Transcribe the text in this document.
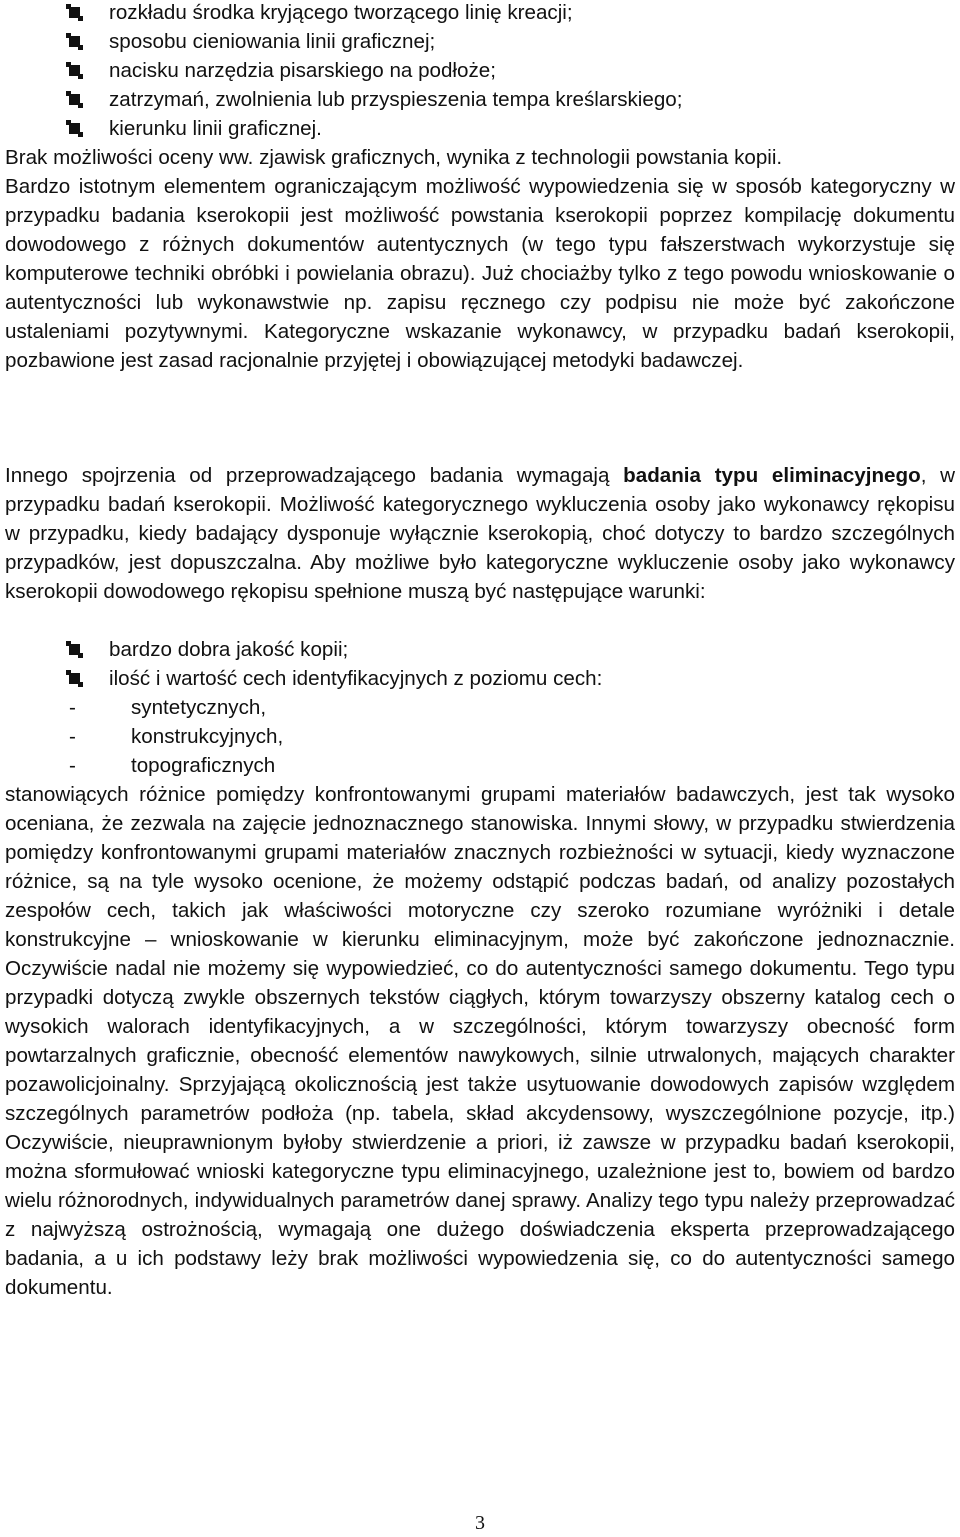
rozkładu środka kryjącego tworzącego linię kreacji;
sposobu cieniowania linii graficznej;
nacisku narzędzia pisarskiego na podłoże;
zatrzymań, zwolnienia lub przyspieszenia tempa kreślarskiego;
kierunku linii graficznej.
Brak możliwości oceny ww. zjawisk graficznych, wynika z technologii powstania kopii.

Bardzo istotnym elementem ograniczającym możliwość wypowiedzenia się w sposób kategoryczny w przypadku badania kserokopii jest możliwość powstania kserokopii poprzez kompilację dokumentu dowodowego z różnych dokumentów autentycznych (w tego typu fałszerstwach wykorzystuje się komputerowe techniki obróbki i powielania obrazu). Już chociażby tylko z tego powodu wnioskowanie o autentyczności lub wykonawstwie np. zapisu ręcznego czy podpisu nie może być zakończone ustaleniami pozytywnymi. Kategoryczne wskazanie wykonawcy, w przypadku badań kserokopii, pozbawione jest zasad racjonalnie przyjętej i obowiązującej metodyki badawczej.

Innego spojrzenia od przeprowadzającego badania wymagają badania typu eliminacyjnego, w przypadku badań kserokopii. Możliwość kategorycznego wykluczenia osoby jako wykonawcy rękopisu w przypadku, kiedy badający dysponuje wyłącznie kserokopią, choć dotyczy to bardzo szczególnych przypadków, jest dopuszczalna. Aby możliwe było kategoryczne wykluczenie osoby jako wykonawcy kserokopii dowodowego rękopisu spełnione muszą być następujące warunki:

bardzo dobra jakość kopii;
ilość i wartość cech identyfikacyjnych z poziomu cech:
-	syntetycznych,
-	konstrukcyjnych,
-	topograficznych

stanowiących różnice pomiędzy konfrontowanymi grupami materiałów badawczych, jest tak wysoko oceniana, że zezwala na zajęcie jednoznacznego stanowiska. Innymi słowy, w przypadku stwierdzenia pomiędzy konfrontowanymi grupami materiałów znacznych rozbieżności w sytuacji, kiedy wyznaczone różnice, są na tyle wysoko ocenione, że możemy odstąpić podczas badań, od analizy pozostałych zespołów cech, takich jak właściwości motoryczne czy szeroko rozumiane wyróżniki i detale konstrukcyjne – wnioskowanie w kierunku eliminacyjnym, może być zakończone jednoznacznie. Oczywiście nadal nie możemy się wypowiedzieć, co do autentyczności samego dokumentu. Tego typu przypadki dotyczą zwykle obszernych tekstów ciągłych, którym towarzyszy obszerny katalog cech o wysokich walorach identyfikacyjnych, a w szczególności, którym towarzyszy obecność form powtarzalnych graficznie, obecność elementów nawykowych, silnie utrwalonych, mających charakter pozawolicjoinalny. Sprzyjającą okolicznością jest także usytuowanie dowodowych zapisów względem szczególnych parametrów podłoża (np. tabela, skład akcydensowy, wyszczególnione pozycje, itp.) Oczywiście, nieuprawnionym byłoby stwierdzenie a priori, iż zawsze w przypadku badań kserokopii, można sformułować wnioski kategoryczne typu eliminacyjnego, uzależnione jest to, bowiem od bardzo wielu różnorodnych, indywidualnych parametrów danej sprawy. Analizy tego typu należy przeprowadzać z najwyższą ostrożnością, wymagają one dużego doświadczenia eksperta przeprowadzającego badania, a u ich podstawy leży brak możliwości wypowiedzenia się, co do autentyczności samego dokumentu.

3
